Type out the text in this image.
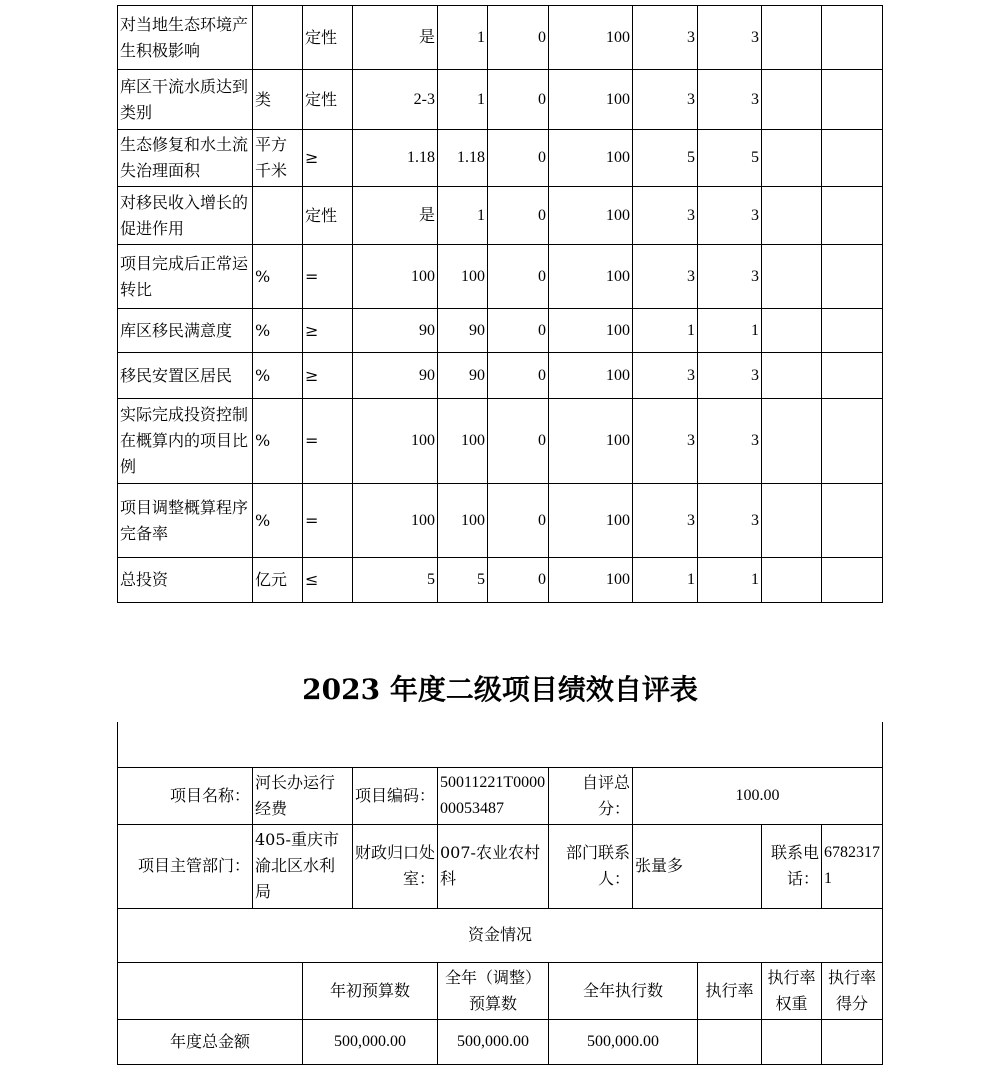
对当地生态环境产生积极影响		定性	是	1	0	100	3	3		
库区干流水质达到类别	类	定性	2-3	1	0	100	3	3		
生态修复和水土流失治理面积	平方千米	≥	1.18	1.18	0	100	5	5		
对移民收入增长的促进作用		定性	是	1	0	100	3	3		
项目完成后正常运转比	%	=	100	100	0	100	3	3		
库区移民满意度	%	≥	90	90	0	100	1	1		
移民安置区居民	%	≥	90	90	0	100	3	3		
实际完成投资控制在概算内的项目比例	%	=	100	100	0	100	3	3		
项目调整概算程序完备率	%	=	100	100	0	100	3	3		
总投资	亿元	≤	5	5	0	100	1	1		
2023 年度二级项目绩效自评表

项目名称：	河长办运行经费		项目编码：	50011221T000000053487	自评总分：	100.00			
项目主管部门：	405-重庆市渝北区水利局		财政归口处室：	007-农业农村科	部门联系人：	张量多		联系电话：	67823171
资金情况									
		年初预算数		全年（调整）预算数	全年执行数		执行率	执行率权重	执行率得分
年度总金额		500,000.00		500,000.00	500,000.00				
